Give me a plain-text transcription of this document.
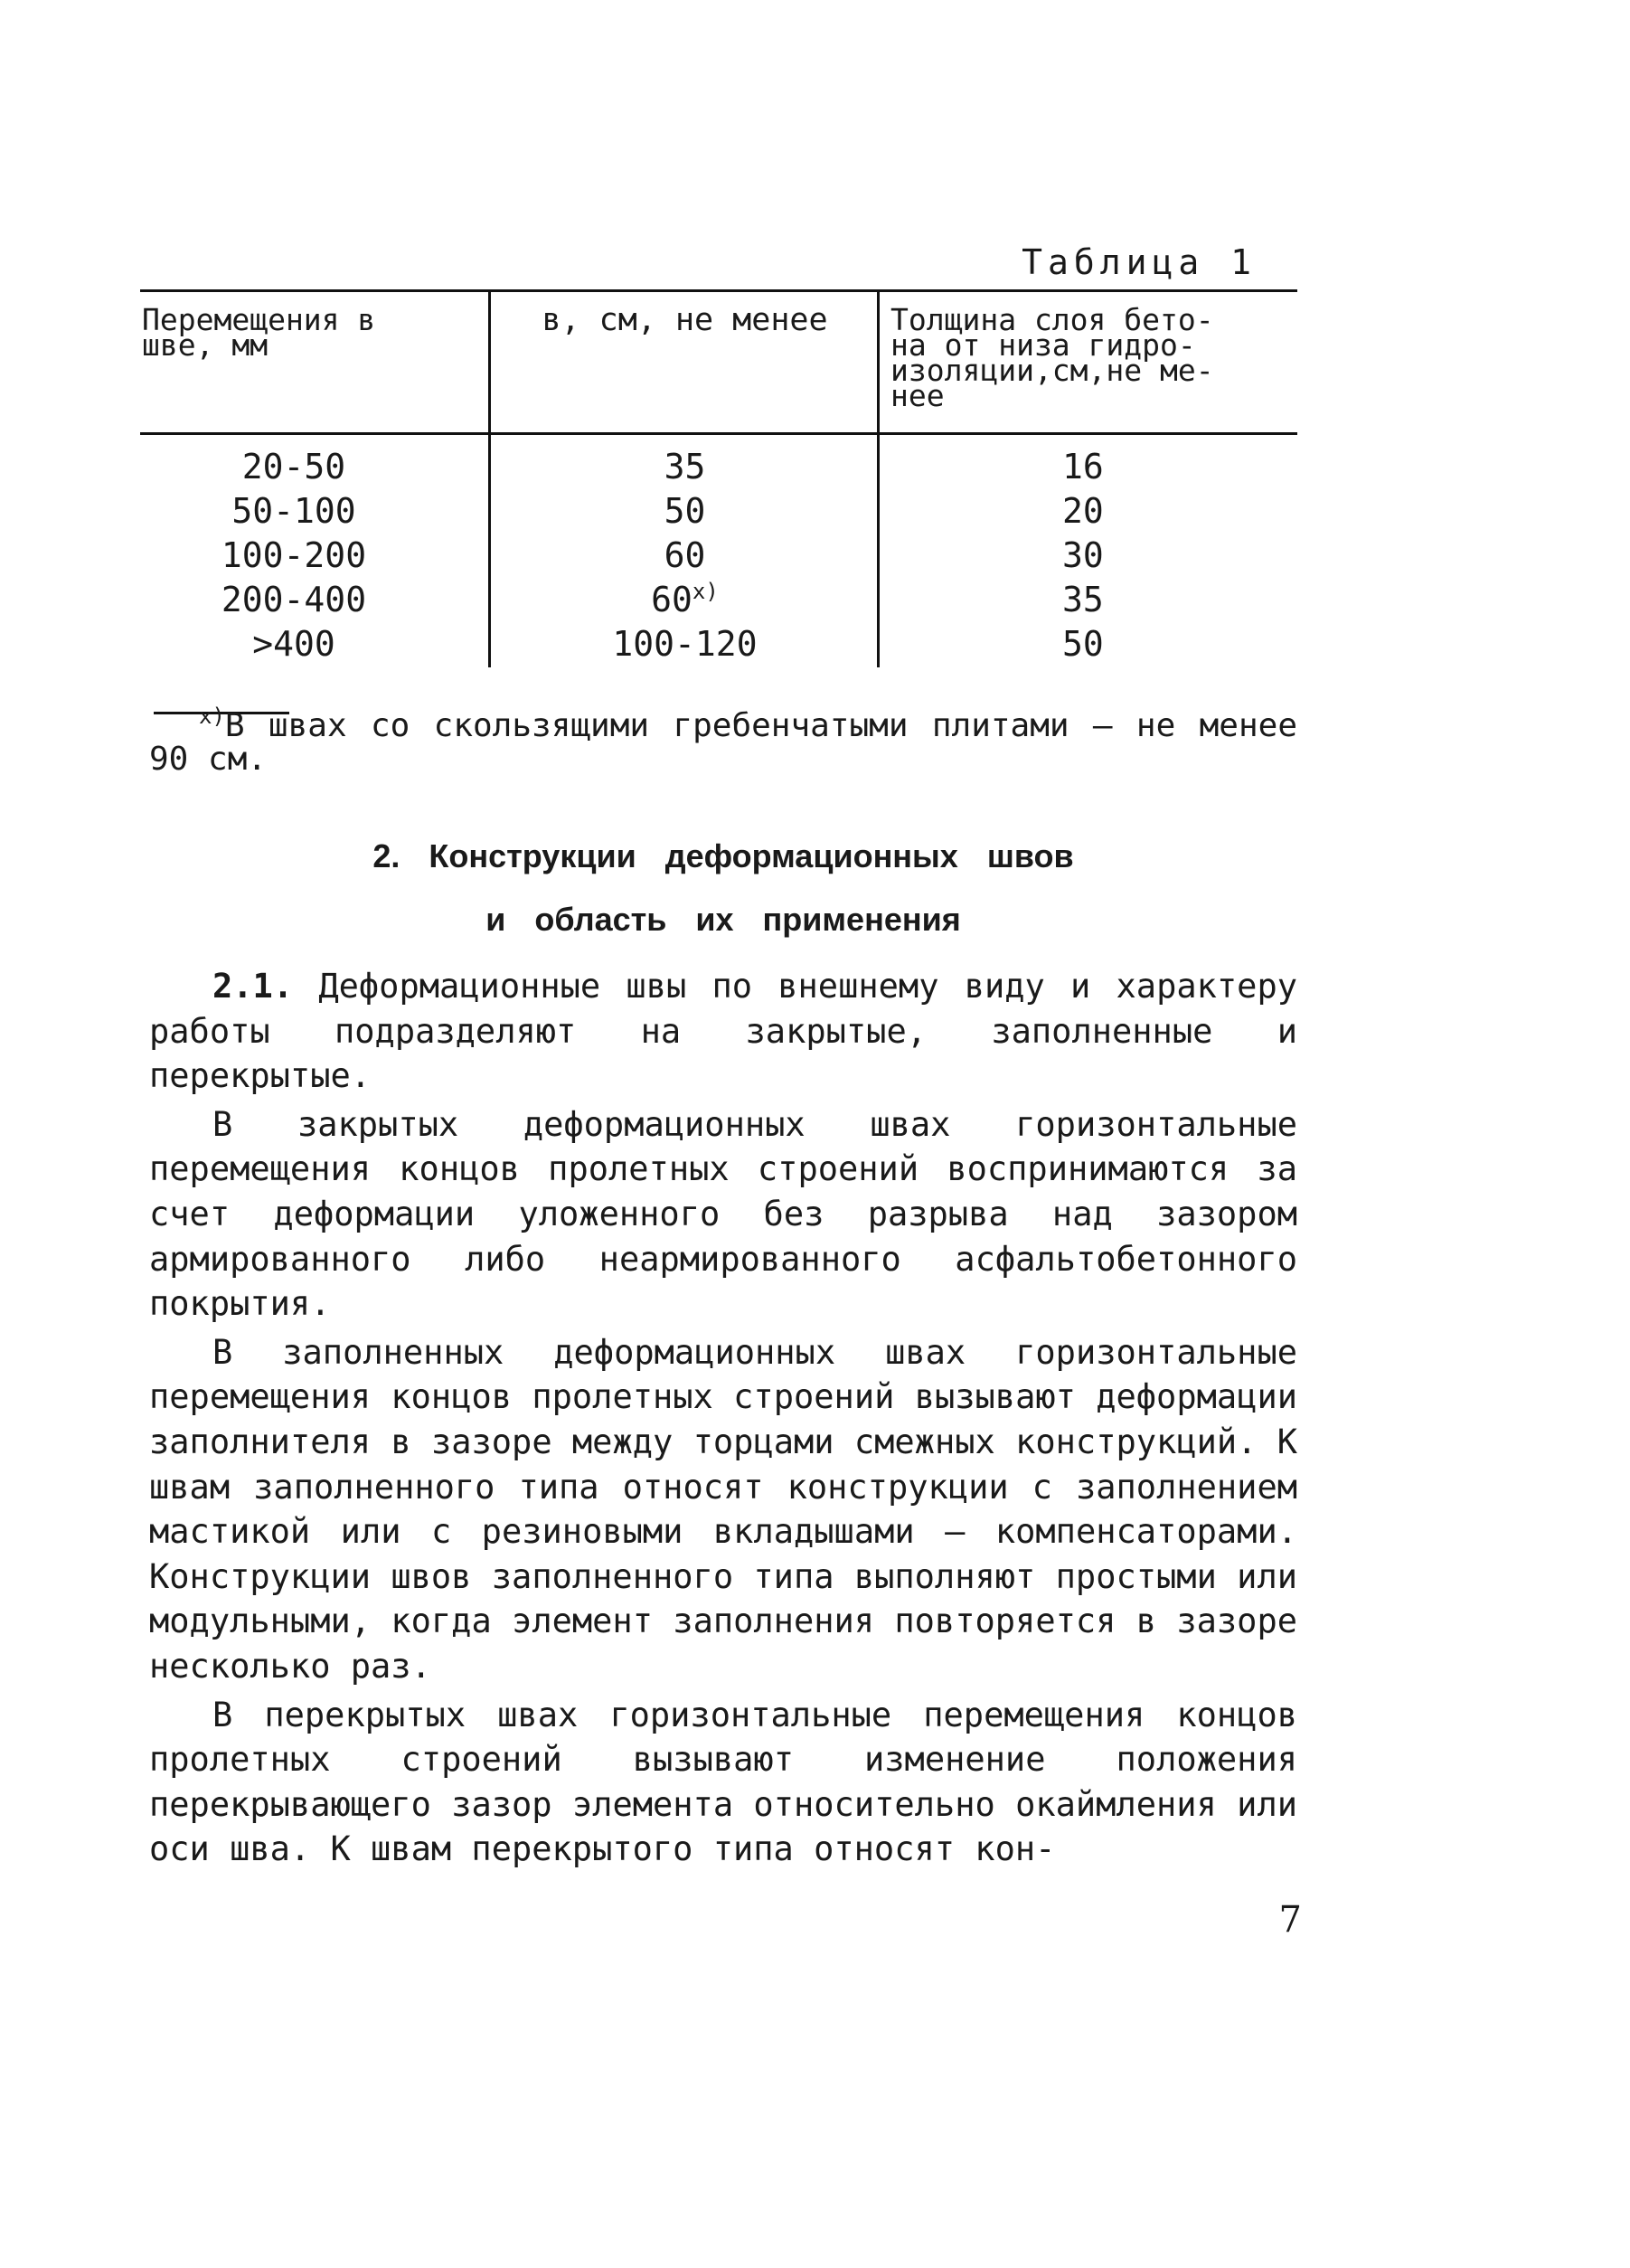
Таблица 1
Перемещения в
шве, мм
в, см, не менее	Толщина слоя бето-
на от низа гидро-
изоляции,см,не ме-
нее
20-50
50-100
100-200
200-400
>400
35
50
60
60$^{x)}$
100-120
16
20
30
35
50
$^{x)}$В швах со скользящими гребенчатыми плитами – не менее 90 см.
2. Конструкции деформационных швов
и область их применения

2.1. Деформационные швы по внешнему виду и характеру работы подразделяют на закрытые, заполненные и перекрытые.

В закрытых деформационных швах горизонтальные перемещения концов пролетных строений воспринимаются за счет деформации уложенного без разрыва над зазором армированного либо неармированного асфальтобетонного покрытия.

В заполненных деформационных швах горизонтальные перемещения концов пролетных строений вызывают деформации заполнителя в зазоре между торцами смежных конструкций. К швам заполненного типа относят конструкции с заполнением мастикой или с резиновыми вкладышами – компенсаторами. Конструкции швов заполненного типа выполняют простыми или модульными, когда элемент заполнения повторяется в зазоре несколько раз.

В перекрытых швах горизонтальные перемещения концов пролетных строений вызывают изменение положения перекрывающего зазор элемента относительно окаймления или оси шва. К швам перекрытого типа относят кон-

7
